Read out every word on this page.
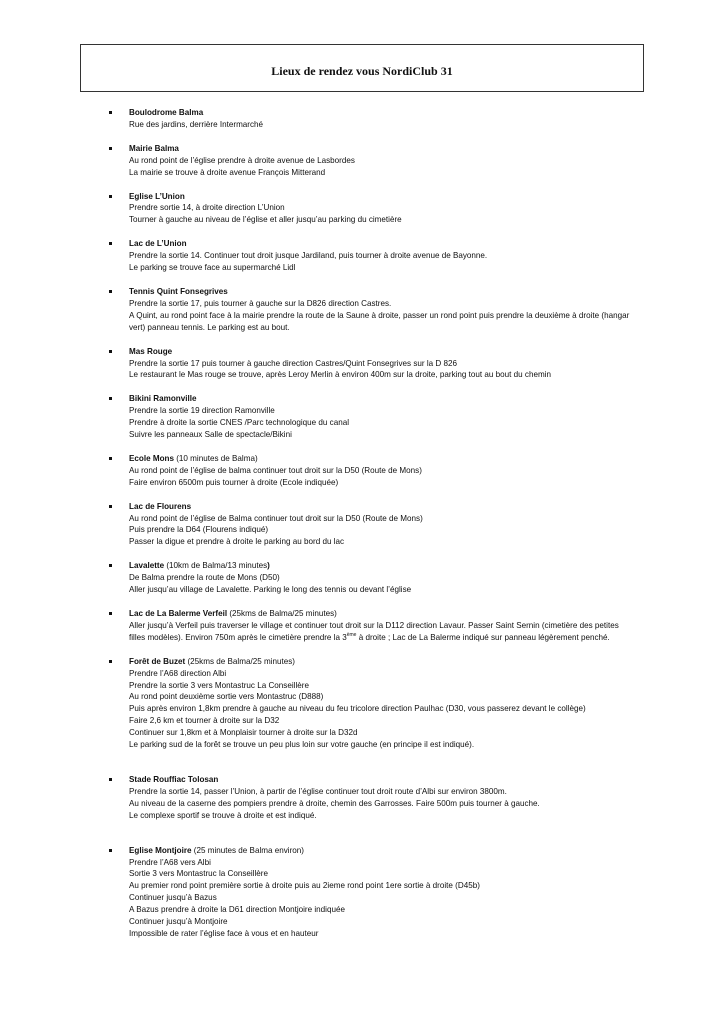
Lieux de rendez vous NordiClub 31
Boulodrome Balma
Rue des jardins, derrière Intermarché
Mairie Balma
Au rond point de l’église prendre à droite avenue de Lasbordes
La mairie se trouve à droite avenue François Mitterand
Eglise L’Union
Prendre sortie 14, à droite direction L’Union
Tourner à gauche au niveau de l’église et aller jusqu’au parking du cimetière
Lac de L’Union
Prendre la sortie 14. Continuer tout droit jusque Jardiland, puis tourner à droite avenue de Bayonne.
Le parking se trouve face au supermarché Lidl
Tennis Quint Fonsegrives
Prendre la sortie 17, puis tourner à gauche sur la D826 direction Castres.
A Quint, au rond point face à la mairie prendre la route de la Saune à droite, passer un rond point puis prendre la deuxième à droite (hangar vert) panneau tennis. Le parking est au bout.
Mas Rouge
Prendre la sortie 17 puis tourner à gauche direction Castres/Quint Fonsegrives sur la D 826
Le restaurant le Mas rouge se trouve, après Leroy Merlin à environ 400m sur la droite, parking tout au bout du chemin
Bikini Ramonville
Prendre la sortie 19 direction Ramonville
Prendre à droite la sortie CNES /Parc technologique du canal
Suivre les panneaux Salle de spectacle/Bikini
Ecole Mons (10 minutes de Balma)
Au rond point de l’église de balma continuer tout droit sur la D50 (Route de Mons)
Faire environ 6500m puis tourner à droite (Ecole indiquée)
Lac de Flourens
Au rond point de l’église de Balma continuer tout droit sur la D50 (Route de Mons)
Puis prendre la D64 (Flourens indiqué)
Passer la digue et prendre à droite le parking au bord du lac
Lavalette (10km de Balma/13 minutes)
De Balma prendre la route de Mons (D50)
Aller jusqu’au village de Lavalette. Parking le long des tennis ou devant l’église
Lac de La Balerme Verfeil (25kms de Balma/25 minutes)
Aller jusqu’à Verfeil puis traverser le village et continuer tout droit sur la D112 direction Lavaur. Passer Saint Sernin (cimetière des petites filles modèles). Environ 750m après le cimetière prendre la 3ème à droite ; Lac de La Balerme indiqué sur panneau légèrement penché.
Forêt de Buzet (25kms de Balma/25 minutes)
Prendre l’A68 direction Albi
Prendre la sortie 3 vers Montastruc La Conseillère
Au rond point deuxième sortie vers Montastruc (D888)
Puis après environ 1,8km prendre à gauche au niveau du feu tricolore direction Paulhac (D30, vous passerez devant le collège)
Faire 2,6 km et tourner à droite sur la D32
Continuer sur 1,8km et à Monplaisir tourner à droite sur la D32d
Le parking sud de la forêt se trouve un peu plus loin sur votre gauche (en principe il est indiqué).
Stade Rouffiac Tolosan
Prendre la sortie 14, passer l’Union, à partir de l’église continuer tout droit route d’Albi sur environ 3800m.
Au niveau de la caserne des pompiers prendre à droite, chemin des Garrosses. Faire 500m puis tourner à gauche.
Le complexe sportif se trouve à droite et est indiqué.
Eglise Montjoire (25 minutes de Balma environ)
Prendre l’A68 vers Albi
Sortie 3 vers Montastruc la Conseillère
Au premier rond point première sortie à droite puis au 2ieme rond point 1ere sortie à droite (D45b)
Continuer jusqu’à Bazus
A Bazus prendre à droite la D61 direction Montjoire indiquée
Continuer jusqu’à Montjoire
Impossible de rater l’église face à vous et en hauteur
